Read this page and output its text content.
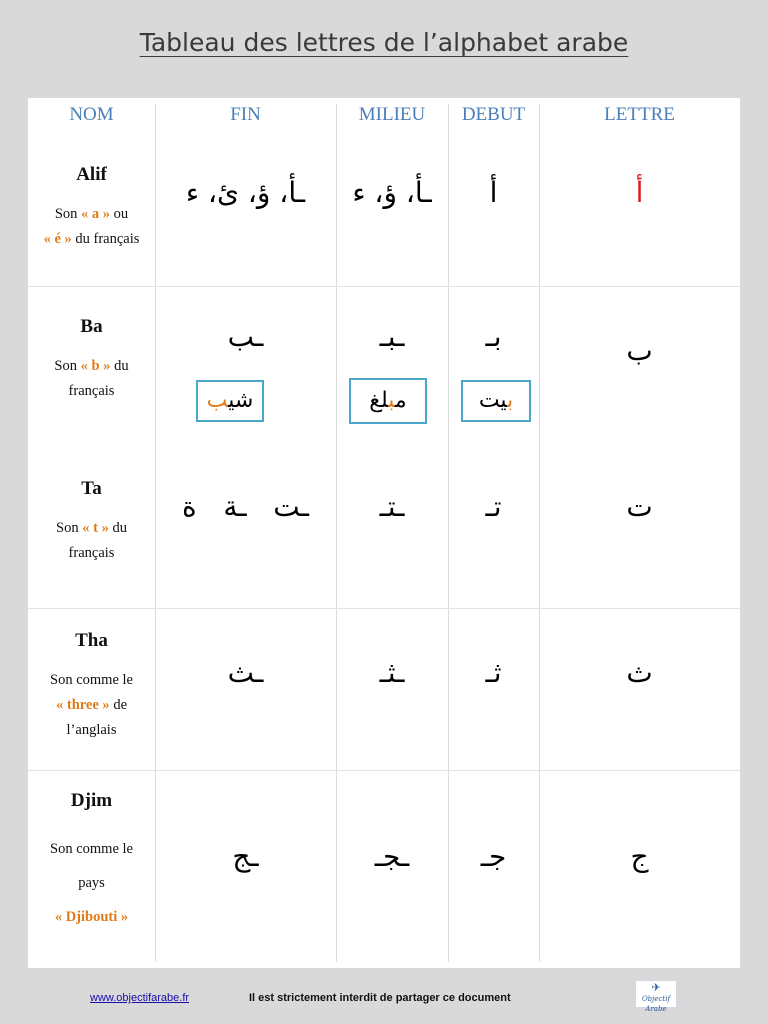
Tableau des lettres de l’alphabet arabe
NOM	FIN	MILIEU	DEBUT	LETTRE
Alif
Son « a » ou
« é » du français
ـأ، ؤ، ئ، ء	ـأ، ؤ، ء	أ	أ
Ba
Son « b » du
français
ـب	ـبـ	بـ	ب
شيب	مبلغ	بيت
Ta
Son « t » du
français
ـت   ـة   ة	ـتـ	تـ	ت
Tha
Son comme le
« three » de
l’anglais
ـث	ـثـ	ثـ	ث
Djim
Son comme le
pays
« Djibouti »
ـج	ـجـ	جـ	ج
www.objectifarabe.fr	Il est strictement interdit de partager ce document
✈
Objectif Arabe
